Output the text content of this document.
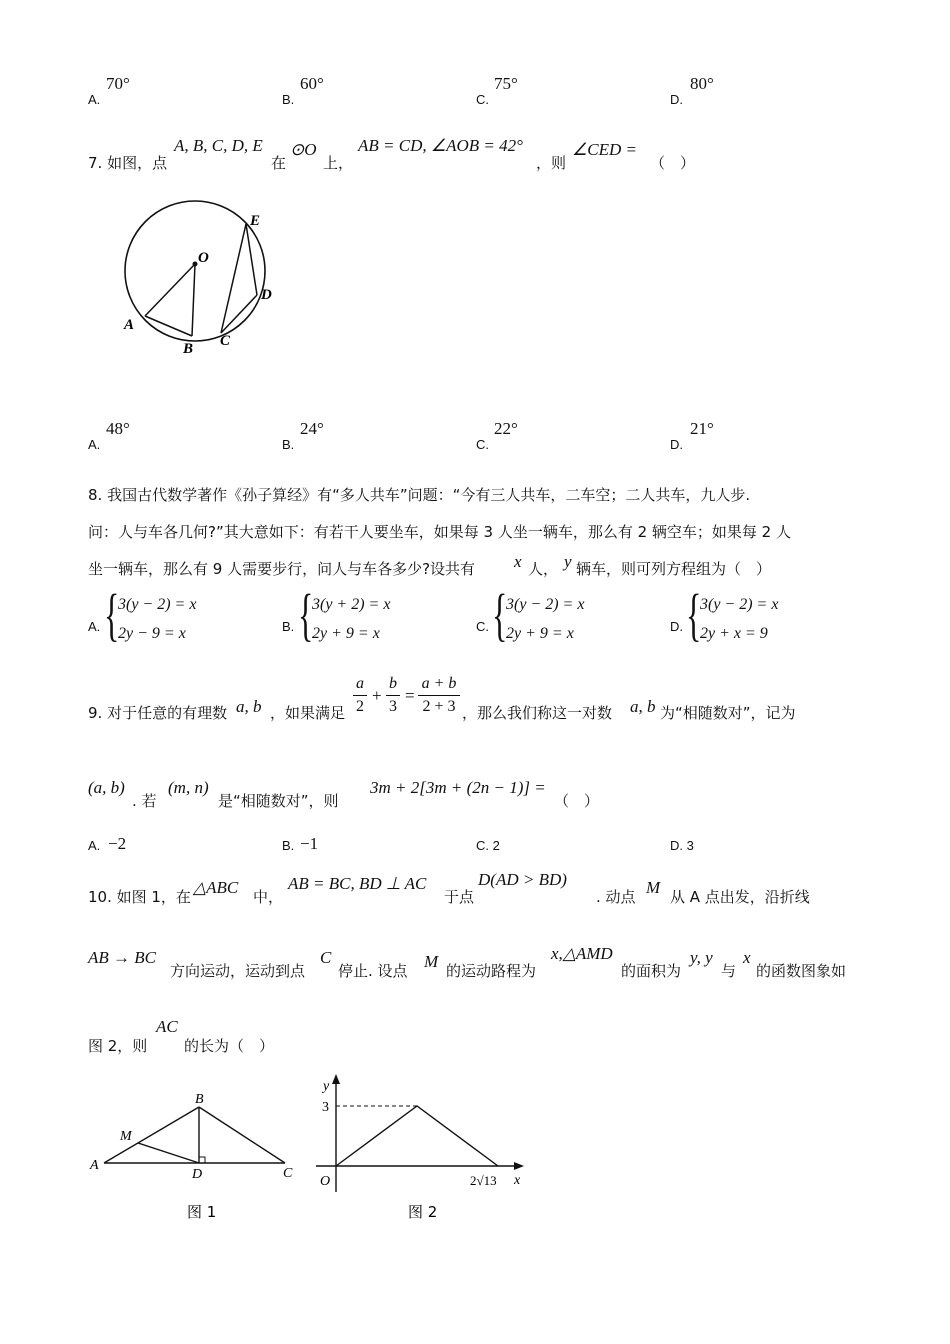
A.
70°
B.
60°
C.
75°
D.
80°
7. 如图，点
A, B, C, D, E
在
⊙O
上，
AB = CD, ∠AOB = 42°
，则
∠CED =
（　）
O
A
B C
D
E
A.
48°
B.
24°
C.
22°
D.
21°
8. 我国古代数学著作《孙子算经》有“多人共车”问题：“今有三人共车，二车空；二人共车，九人步.
问：人与车各几何?”其大意如下：有若干人要坐车，如果每 3 人坐一辆车，那么有 2 辆空车；如果每 2 人
坐一辆车，那么有 9 人需要步行，问人与车各多少?设共有 x 人， y 辆车，则可列方程组为（　）
A. {
3(y − 2) = x
2y − 9 = x	B. {
3(y + 2) = x
2y + 9 = x	C. {
3(y − 2) = x
2y + 9 = x	D. {
3(y − 2) = x
2y + x = 9
9. 对于任意的有理数 a, b ，如果满足
a
2
+
b
3
=
a + b
2 + 3 ，那么我们称这一对数 a, b 为“相随数对”，记为
(a, b)
. 若
(m, n)
是“相随数对”，则
3m + 2[3m + (2n − 1)] =
（　）
A. −2	B. −1	C. 2	D. 3
10. 如图 1，在 △ABC 中，
AB = BC, BD ⊥ AC
于点
D(AD > BD)
. 动点 M 从 A 点出发，沿折线
AB → BC
方向运动，运动到点
C
停止. 设点 M 的运动路程为
x,△AMD
的面积为
y, y
与
x
的函数图象如
图 2，则
AC
的长为（　）
A
B
C
D
M
图 1
y
x
O
3
2√13
图 2
